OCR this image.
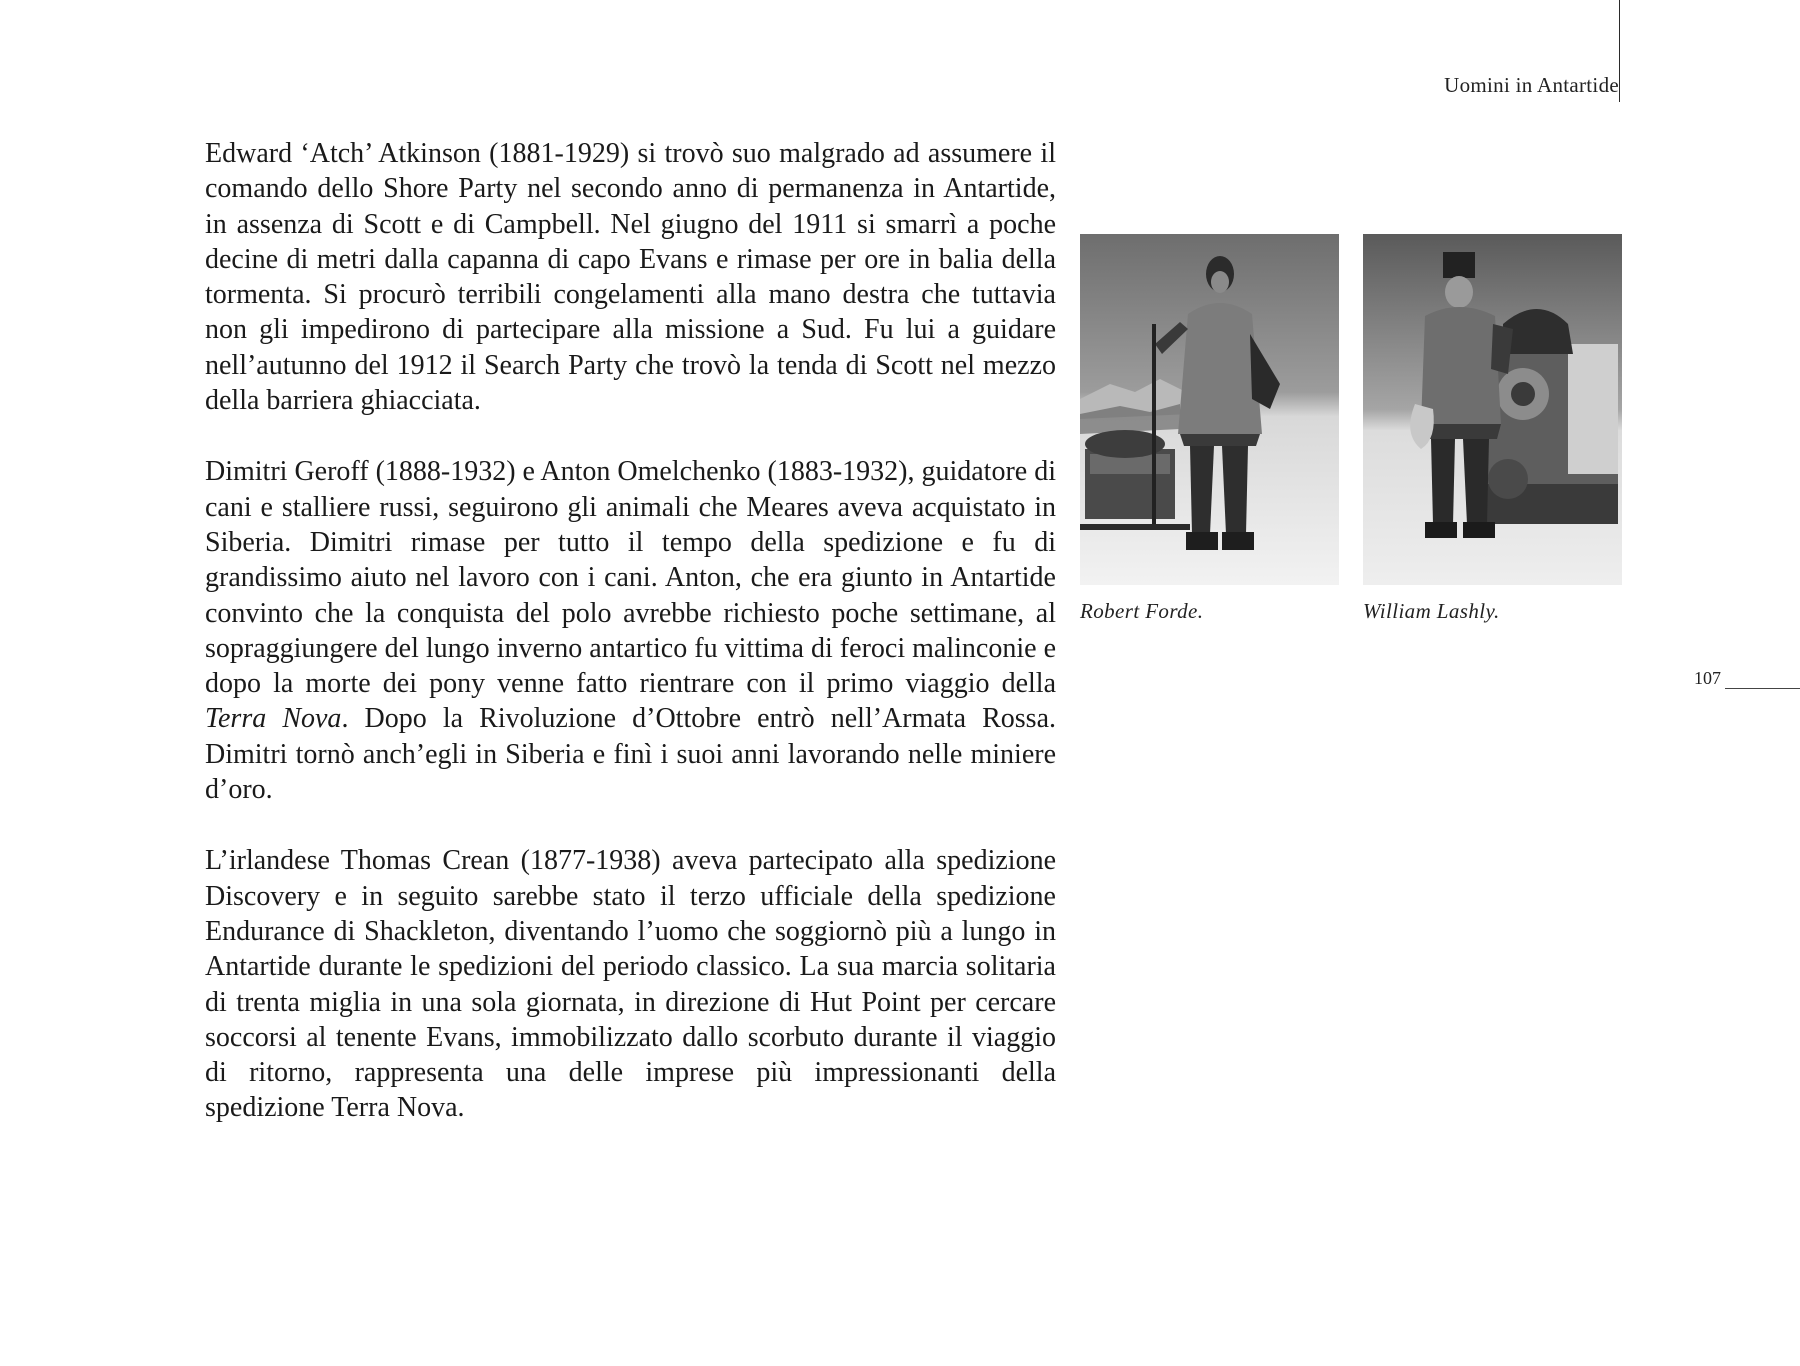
Uomini in Antartide

Edward ‘Atch’ Atkinson (1881-1929) si trovò suo malgrado ad assumere il comando dello Shore Party nel secondo anno di permanenza in Antartide, in assenza di Scott e di Campbell. Nel giugno del 1911 si smarrì a poche decine di metri dalla capanna di capo Evans e rimase per ore in balia della tormenta. Si procurò terribili congelamenti alla mano destra che tuttavia non gli impedirono di partecipare alla missione a Sud. Fu lui a guidare nell’autunno del 1912 il Search Party che trovò la tenda di Scott nel mezzo della barriera ghiacciata.

Dimitri Geroff (1888-1932) e Anton Omelchenko (1883-1932), guidatore di cani e stalliere russi, seguirono gli animali che Meares aveva acquistato in Siberia. Dimitri rimase per tutto il tempo della spedizione e fu di grandissimo aiuto nel lavoro con i cani. Anton, che era giunto in Antartide convinto che la conquista del polo avrebbe richiesto poche settimane, al sopraggiungere del lungo inverno antartico fu vittima di feroci malinconie e dopo la morte dei pony venne fatto rientrare con il primo viaggio della Terra Nova. Dopo la Rivoluzione d’Ottobre entrò nell’Armata Rossa. Dimitri tornò anch’egli in Siberia e finì i suoi anni lavorando nelle miniere d’oro.

L’irlandese Thomas Crean (1877-1938) aveva partecipato alla spedizione Discovery e in seguito sarebbe stato il terzo ufficiale della spedizione Endurance di Shackleton, diventando l’uomo che soggiornò più a lungo in Antartide durante le spedizioni del periodo classico. La sua marcia solitaria di trenta miglia in una sola giornata, in direzione di Hut Point per cercare soccorsi al tenente Evans, immobilizzato dallo scorbuto durante il viaggio di ritorno, rappresenta una delle imprese più impressionanti della spedizione Terra Nova.

Robert Forde.	William Lashly.
107
